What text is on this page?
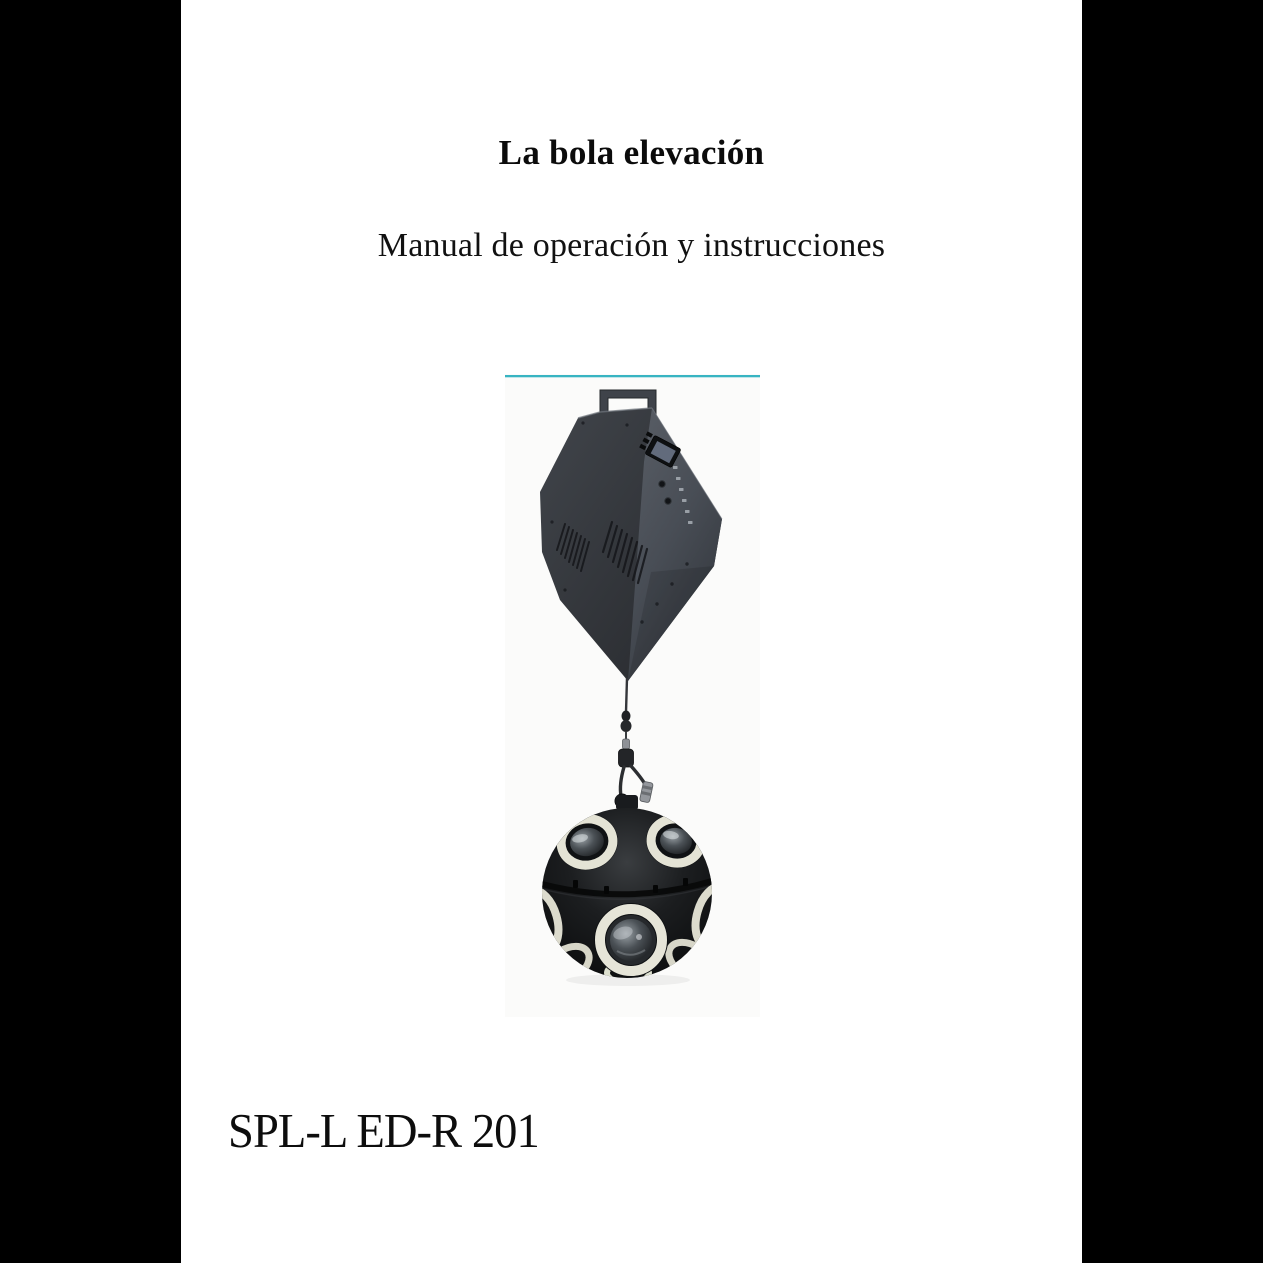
La bola elevación
Manual de operación y instrucciones
SPL-L ED-R 201
